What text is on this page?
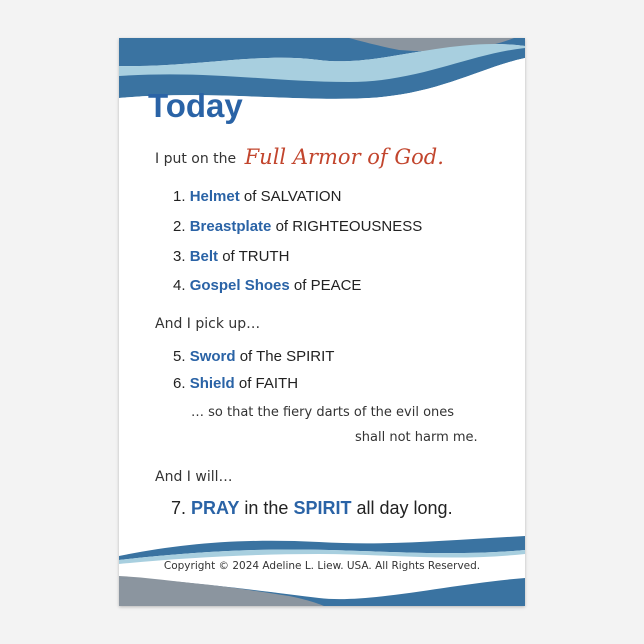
Today
I put on the Full Armor of God.
1. Helmet of SALVATION
2. Breastplate of RIGHTEOUSNESS
3. Belt of TRUTH
4. Gospel Shoes of PEACE
And I pick up…
5. Sword of The SPIRIT
6. Shield of FAITH
… so that the fiery darts of the evil ones
shall not harm me.
And I will…
7. PRAY in the SPIRIT all day long.
Copyright © 2024 Adeline L. Liew. USA. All Rights Reserved.
